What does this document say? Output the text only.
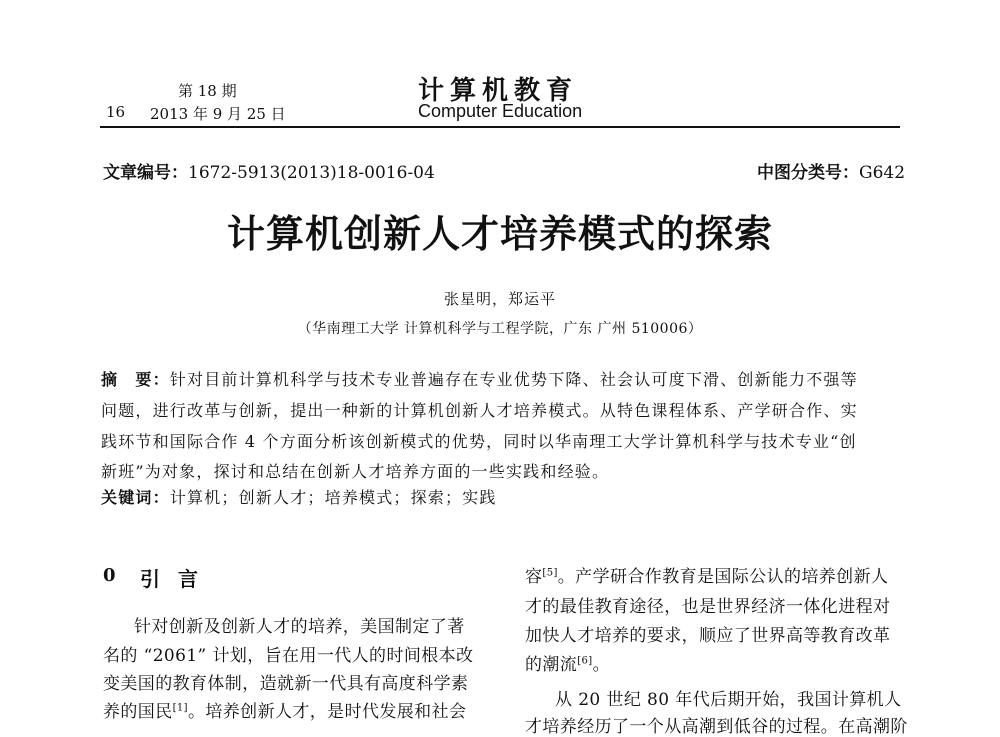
第 18 期
16 2013 年 9 月 25 日
计算机教育
Computer Education
文章编号：1672-5913(2013)18-0016-04	中图分类号：G642
计算机创新人才培养模式的探索
张星明，郑运平
（华南理工大学 计算机科学与工程学院，广东 广州 510006）
摘　要：针对目前计算机科学与技术专业普遍存在专业优势下降、社会认可度下滑、创新能力不强等
问题，进行改革与创新，提出一种新的计算机创新人才培养模式。从特色课程体系、产学研合作、实
践环节和国际合作 4 个方面分析该创新模式的优势，同时以华南理工大学计算机科学与技术专业“创
新班”为对象，探讨和总结在创新人才培养方面的一些实践和经验。
关键词：计算机；创新人才；培养模式；探索；实践
0 引言
针对创新及创新人才的培养，美国制定了著
名的 “2061” 计划，旨在用一代人的时间根本改
变美国的教育体制，造就新一代具有高度科学素
养的国民[1]。培养创新人才，是时代发展和社会
容[5]。产学研合作教育是国际公认的培养创新人
才的最佳教育途径，也是世界经济一体化进程对
加快人才培养的要求，顺应了世界高等教育改革
的潮流[6]。
从 20 世纪 80 年代后期开始，我国计算机人
才培养经历了一个从高潮到低谷的过程。在高潮阶
